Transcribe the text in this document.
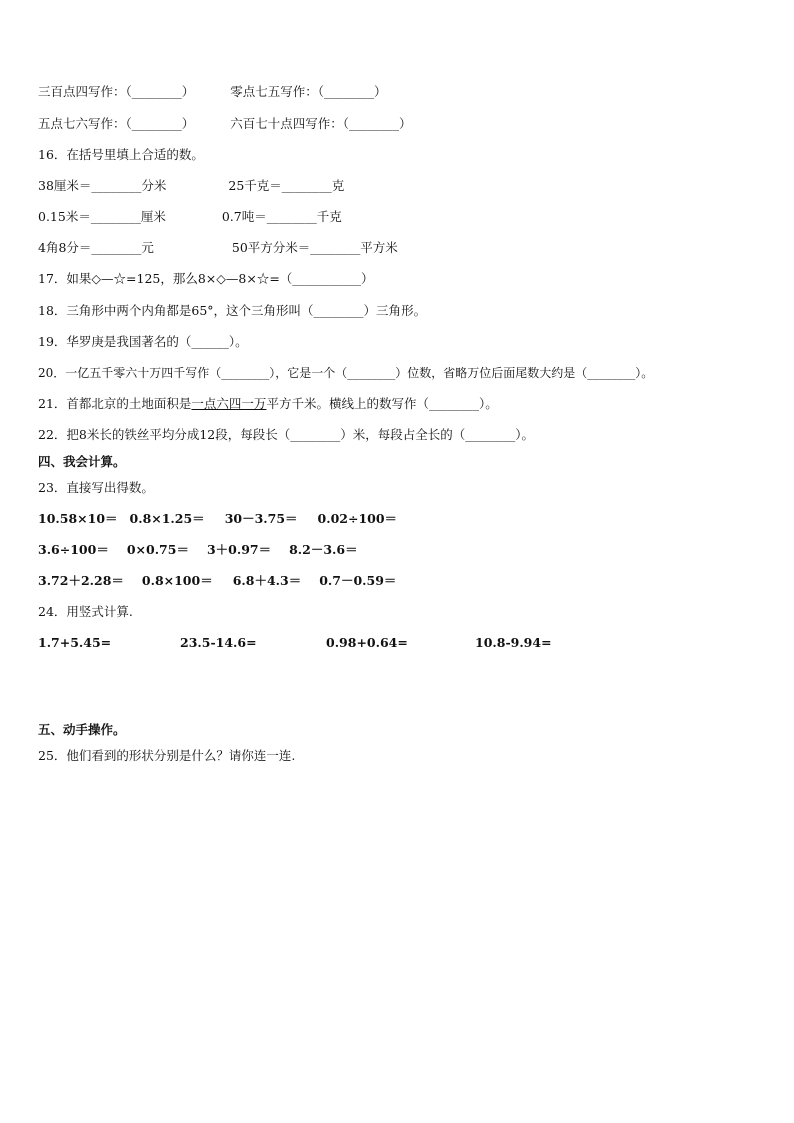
三百点四写作：（________）	零点七五写作：（________）
五点七六写作：（________）	六百七十点四写作：（________）
16．在括号里填上合适的数。
38厘米＝________分米	25千克＝________克
0.15米＝________厘米	0.7吨＝________千克
4角8分＝________元	50平方分米＝________平方米
17．如果◇—☆=125，那么8×◇—8×☆=（___________）
18．三角形中两个内角都是65°，这个三角形叫（________）三角形。
19．华罗庚是我国著名的（______）。
20．一亿五千零六十万四千写作（________），它是一个（________）位数，省略万位后面尾数大约是（________）。
21．首都北京的土地面积是一点六四一万平方千米。横线上的数写作（________）。
22．把8米长的铁丝平均分成12段，每段长（________）米，每段占全长的（________）。
四、我会计算。
23．直接写出得数。
10.58×10＝ 0.8×1.25＝ 30－3.75＝ 0.02÷100＝
3.6÷100＝ 0×0.75＝ 3＋0.97＝ 8.2－3.6＝
3.72＋2.28＝ 0.8×100＝ 6.8＋4.3＝ 0.7－0.59＝
24．用竖式计算.
1.7+5.45=	23.5-14.6=	0.98+0.64=	10.8-9.94=
五、动手操作。
25．他们看到的形状分别是什么？请你连一连.
